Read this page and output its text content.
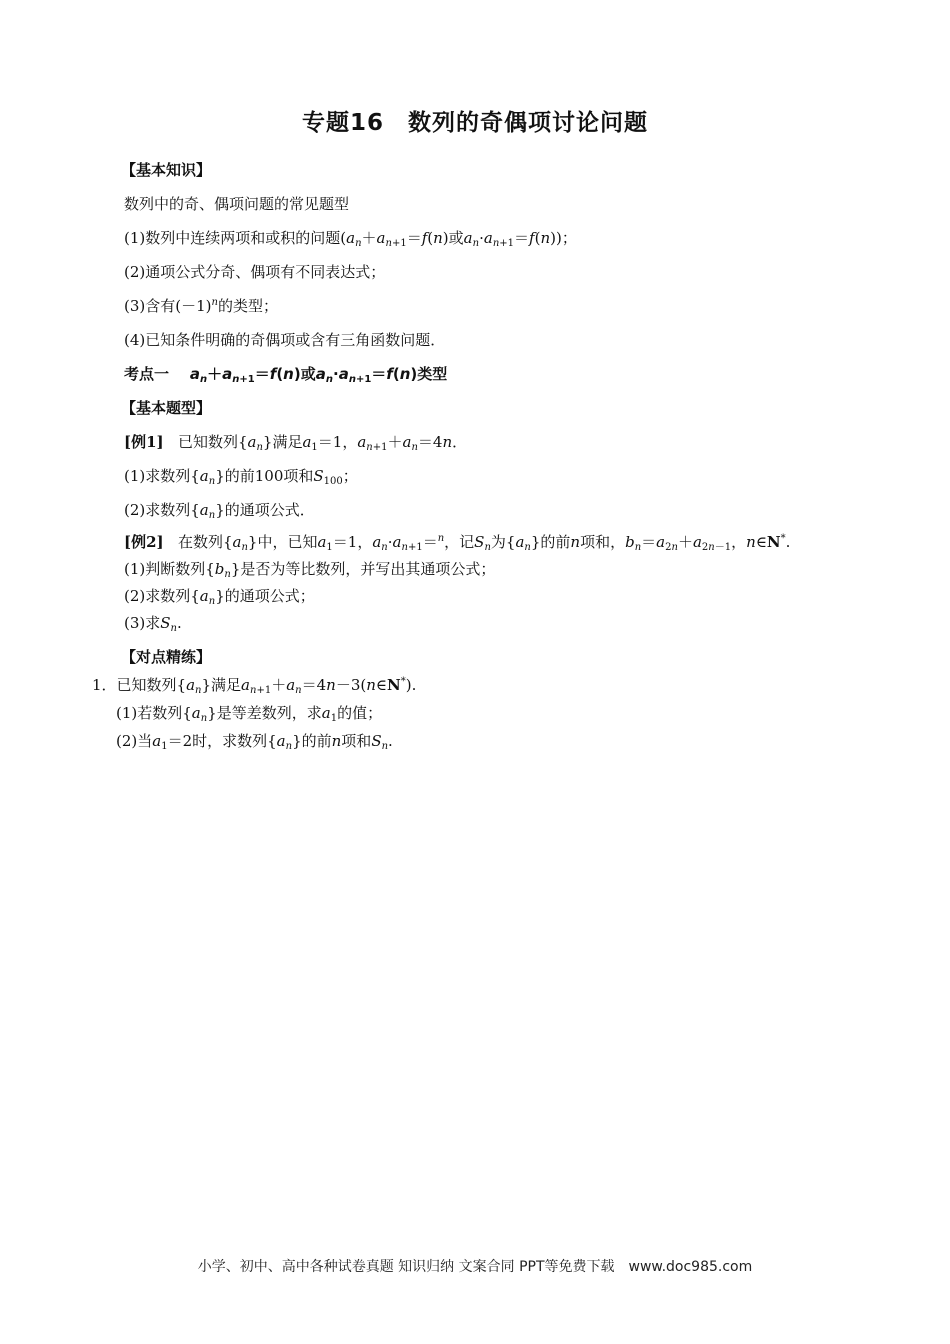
专题16　数列的奇偶项讨论问题
【基本知识】
数列中的奇、偶项问题的常见题型
(1)数列中连续两项和或积的问题($a_n+a_{n+1}=f(n)$或$a_n\cdot a_{n+1}=f(n)$)；
(2)通项公式分奇、偶项有不同表达式；
(3)含有$(-1)^n$的类型；
(4)已知条件明确的奇偶项或含有三角函数问题．
考点一 $a_n+a_{n+1}=f(n)$或$a_n\cdot a_{n+1}=f(n)$类型
【基本题型】
[例1] 已知数列$\{a_n\}$满足$a_1=1$，$a_{n+1}+a_n=4n$．
(1)求数列$\{a_n\}$的前100项和$S_{100}$；
(2)求数列$\{a_n\}$的通项公式．
[例2] 在数列$\{a_n\}$中，已知$a_1=1$，$a_n\cdot a_{n+1}=^n$，记$S_n$为$\{a_n\}$的前n项和，$b_n=a_{2n}+a_{2n-1}$，n∈N*.
(1)判断数列$\{b_n\}$是否为等比数列，并写出其通项公式；
(2)求数列$\{a_n\}$的通项公式；
(3)求$S_n$.
【对点精练】
1．已知数列$\{a_n\}$满足$a_{n+1}+a_n=4n-3(n\in N^*)$.
(1)若数列$\{a_n\}$是等差数列，求$a_1$的值；
(2)当$a_1=2$时，求数列$\{a_n\}$的前n项和$S_n$.
小学、初中、高中各种试卷真题 知识归纳 文案合同 PPT等免费下载　www.doc985.com
